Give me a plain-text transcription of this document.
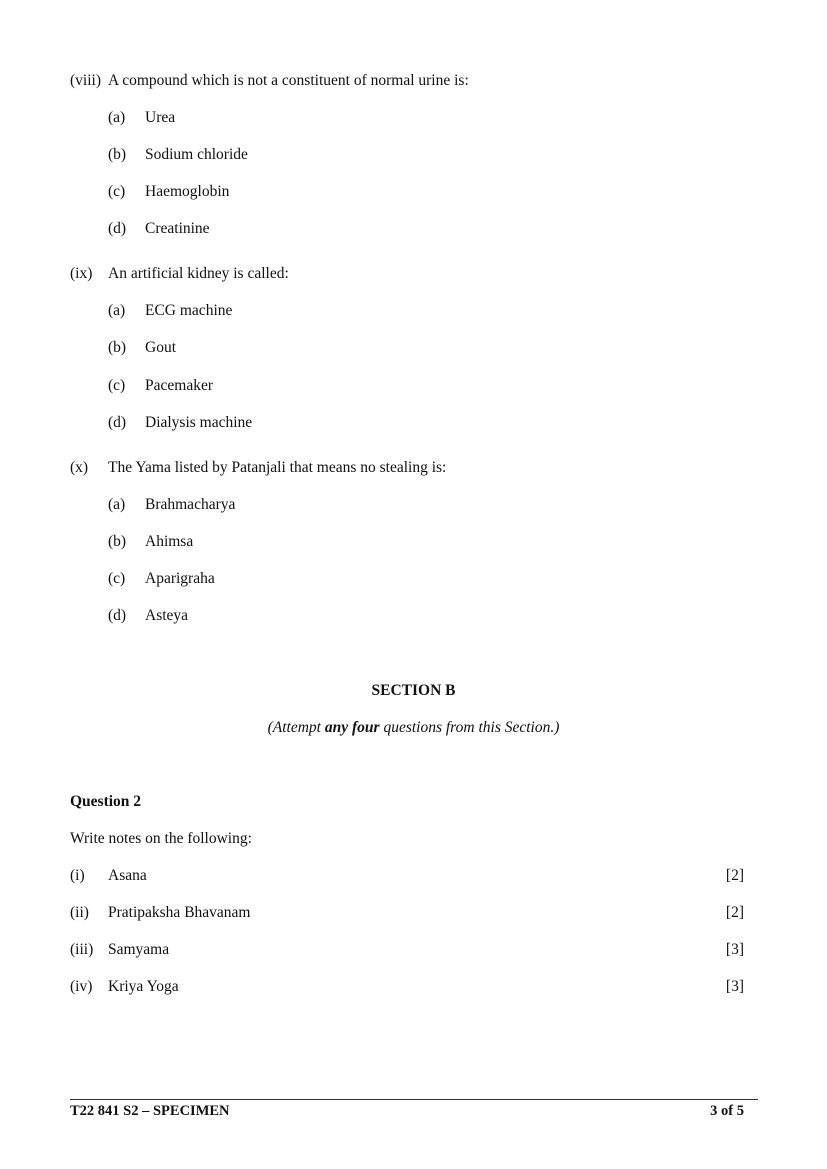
(viii) A compound which is not a constituent of normal urine is:
(a) Urea
(b) Sodium chloride
(c) Haemoglobin
(d) Creatinine
(ix) An artificial kidney is called:
(a) ECG machine
(b) Gout
(c) Pacemaker
(d) Dialysis machine
(x) The Yama listed by Patanjali that means no stealing is:
(a) Brahmacharya
(b) Ahimsa
(c) Aparigraha
(d) Asteya
SECTION B
(Attempt any four questions from this Section.)
Question 2
Write notes on the following:
(i) Asana	[2]
(ii) Pratipaksha Bhavanam	[2]
(iii) Samyama	[3]
(iv) Kriya Yoga	[3]
T22 841 S2 – SPECIMEN	3 of 5
